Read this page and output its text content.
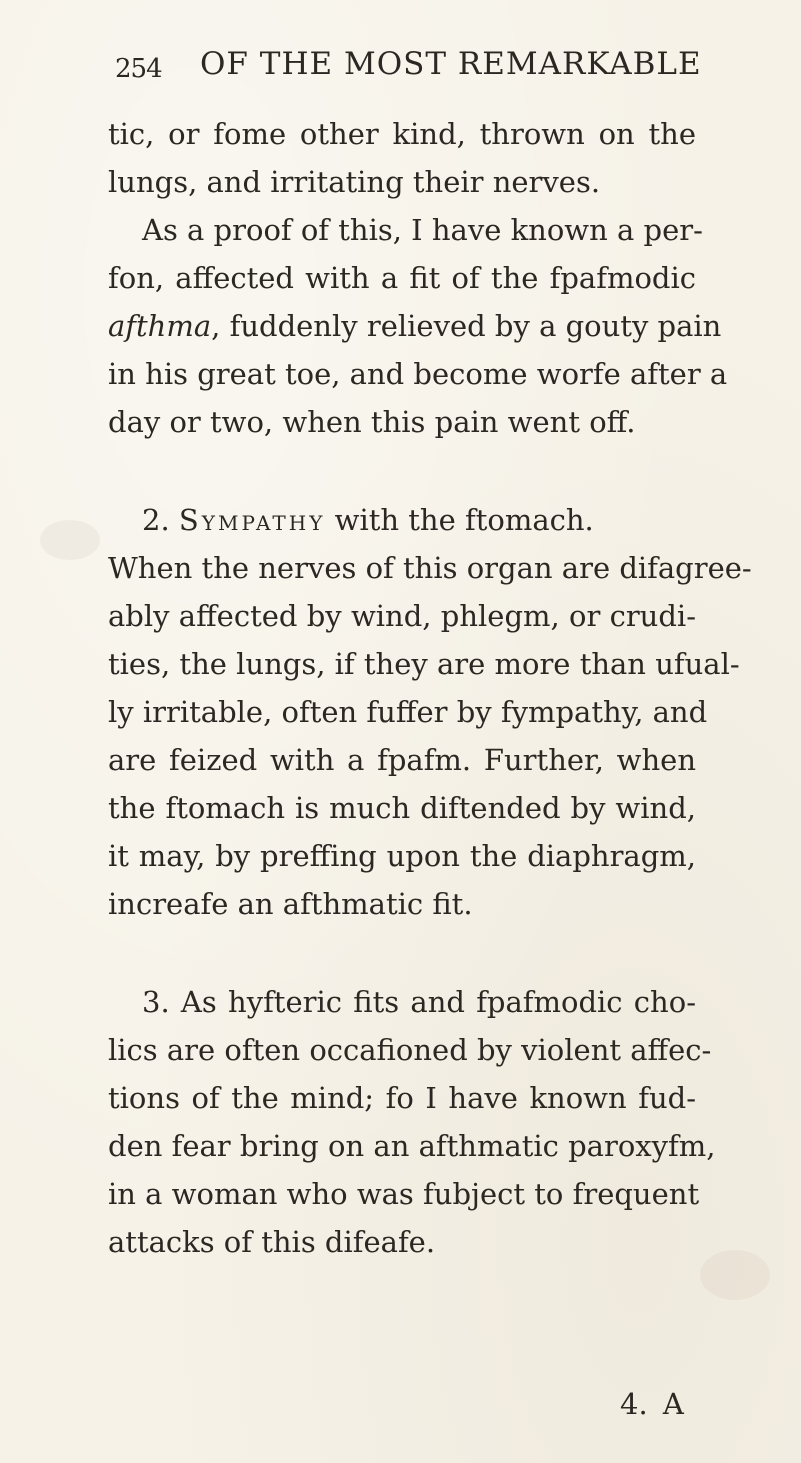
254 OF THE MOST REMARKABLE
tic, or fome other kind, thrown on the
lungs, and irritating their nerves.
As a proof of this, I have known a per-
fon, affected with a fit of the fpafmodic
afthma, fuddenly relieved by a gouty pain
in his great toe, and become worfe after a
day or two, when this pain went off.
2. Sympathy with the ftomach.
When the nerves of this organ are difagree-
ably affected by wind, phlegm, or crudi-
ties, the lungs, if they are more than ufual-
ly irritable, often fuffer by fympathy, and
are feized with a fpafm. Further, when
the ftomach is much diftended by wind,
it may, by preffing upon the diaphragm,
increafe an afthmatic fit.
3. As hyfteric fits and fpafmodic cho-
lics are often occafioned by violent affec-
tions of the mind; fo I have known fud-
den fear bring on an afthmatic paroxyfm,
in a woman who was fubject to frequent
attacks of this difeafe.
4. A
